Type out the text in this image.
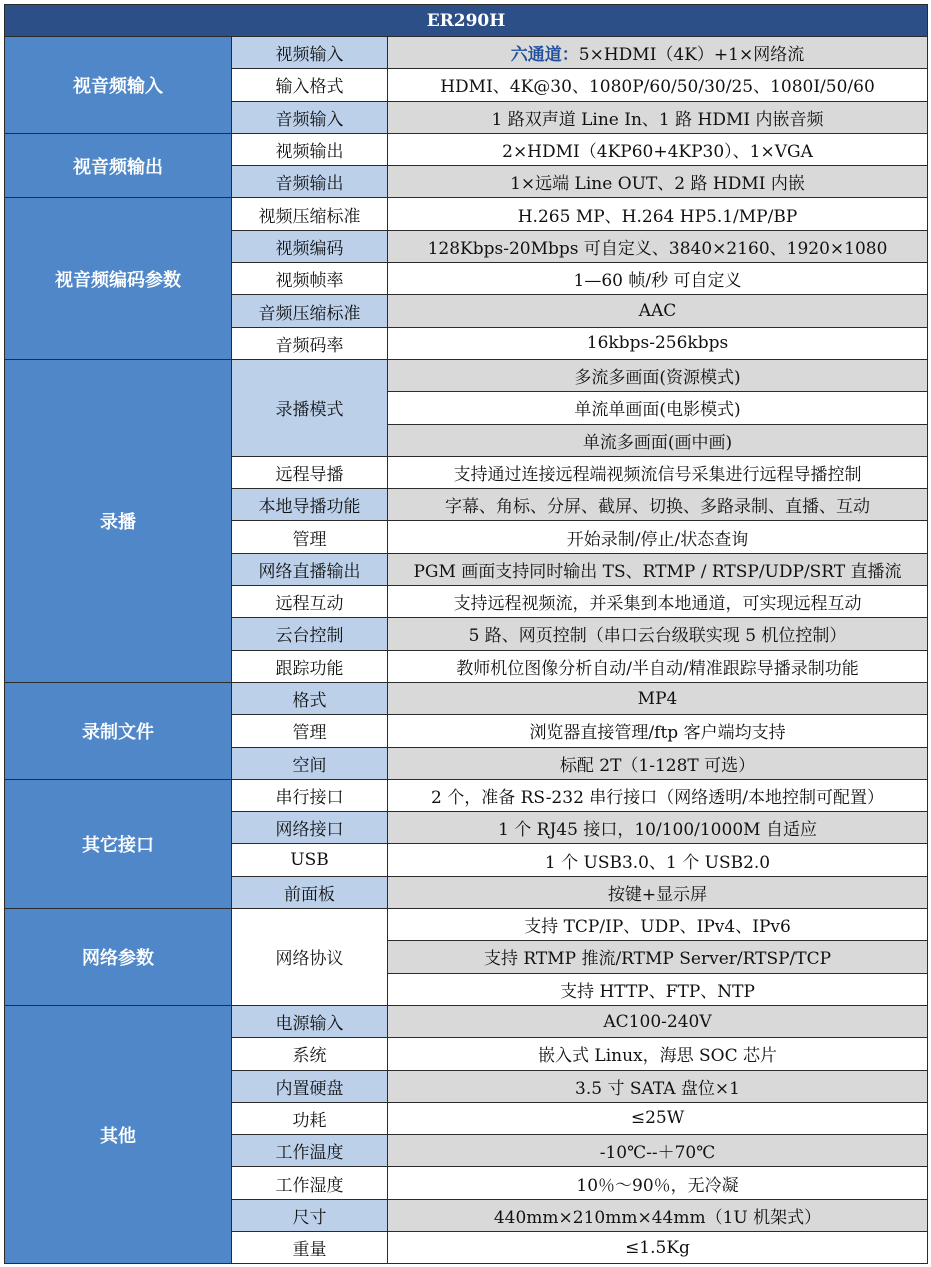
ER290H		
视音频输入	视频输入	六通道：5×HDMI（4K）+1×网络流
	输入格式	HDMI、4K@30、1080P/60/50/30/25、1080I/50/60
	音频输入	1 路双声道 Line In、1 路 HDMI 内嵌音频
视音频输出	视频输出	2×HDMI（4KP60+4KP30）、1×VGA
	音频输出	1×远端 Line OUT、2 路 HDMI 内嵌
视音频编码参数	视频压缩标准	H.265 MP、H.264 HP5.1/MP/BP
	视频编码	128Kbps-20Mbps 可自定义、3840×2160、1920×1080
	视频帧率	1—60 帧/秒 可自定义
	音频压缩标准	AAC
	音频码率	16kbps-256kbps
录播	录播模式	多流多画面(资源模式)
		单流单画面(电影模式)
		单流多画面(画中画)
	远程导播	支持通过连接远程端视频流信号采集进行远程导播控制
	本地导播功能	字幕、角标、分屏、截屏、切换、多路录制、直播、互动
	管理	开始录制/停止/状态查询
	网络直播输出	PGM 画面支持同时输出 TS、RTMP / RTSP/UDP/SRT 直播流
	远程互动	支持远程视频流，并采集到本地通道，可实现远程互动
	云台控制	5 路、网页控制（串口云台级联实现 5 机位控制）
	跟踪功能	教师机位图像分析自动/半自动/精准跟踪导播录制功能
录制文件	格式	MP4
	管理	浏览器直接管理/ftp 客户端均支持
	空间	标配 2T（1-128T 可选）
其它接口	串行接口	2 个，准备 RS-232 串行接口（网络透明/本地控制可配置）
	网络接口	1 个 RJ45 接口，10/100/1000M 自适应
	USB	1 个 USB3.0、1 个 USB2.0
	前面板	按键+显示屏
网络参数	网络协议	支持 TCP/IP、UDP、IPv4、IPv6
		支持 RTMP 推流/RTMP Server/RTSP/TCP
		支持 HTTP、FTP、NTP
其他	电源输入	AC100-240V
	系统	嵌入式 Linux，海思 SOC 芯片
	内置硬盘	3.5 寸 SATA 盘位×1
	功耗	≤25W
	工作温度	-10℃--＋70℃
	工作湿度	10％～90％，无冷凝
	尺寸	440mm×210mm×44mm（1U 机架式）
	重量	≤1.5Kg
